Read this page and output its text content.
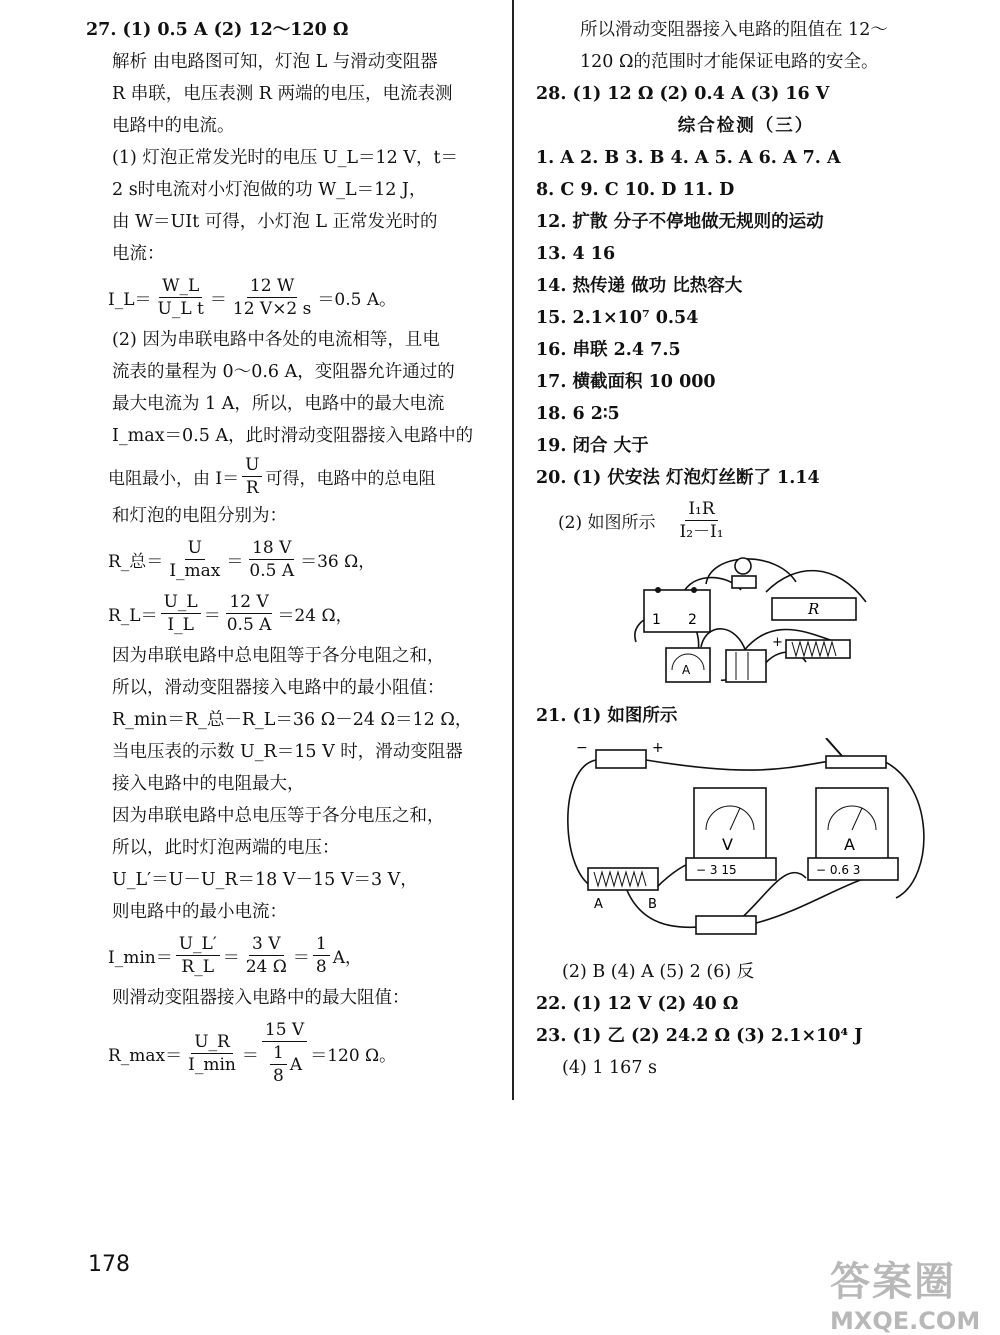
27. (1) 0.5 A (2) 12～120 Ω
解析 由电路图可知，灯泡 L 与滑动变阻器
R 串联，电压表测 R 两端的电压，电流表测
电路中的电流。
(1) 灯泡正常发光时的电压 U_L＝12 V，t＝
2 s时电流对小灯泡做的功 W_L＝12 J，
由 W＝UIt 可得，小灯泡 L 正常发光时的
电流：
I_L＝ $\frac{W\_L}{\text{U\_L t}} = \frac{12 W}{12 V\times 2 s} =0.5$ A。
(2) 因为串联电路中各处的电流相等，且电
流表的量程为 0～0.6 A，变阻器允许通过的
最大电流为 1 A，所以，电路中的最大电流
I_max＝0.5 A，此时滑动变阻器接入电路中的
电阻最小，由 $I= \frac{U}{R}$ 可得，电路中的总电阻
和灯泡的电阻分别为：
R_总＝ $\frac{U}{I\_\max} = \frac{18 V}{0.5 A} =36$ Ω，
R_L＝ $\frac{U\_L}{I\_L} = \frac{12 V}{0.5 A} =24$ Ω，
因为串联电路中总电阻等于各分电阻之和，
所以，滑动变阻器接入电路中的最小阻值：
R_min＝R_总－R_L＝36 Ω－24 Ω＝12 Ω，
当电压表的示数 U_R＝15 V 时，滑动变阻器
接入电路中的电阻最大，
因为串联电路中总电压等于各分电压之和，
所以，此时灯泡两端的电压：
U_L′＝U－U_R＝18 V－15 V＝3 V，
则电路中的最小电流：
I_min＝ $\frac{U\_L'}{R\_L} = \frac{3 V}{24 \Omega} = \frac{1}{8}$ A，
则滑动变阻器接入电路中的最大阻值：
R_max＝ $\frac{U\_R}{I\_\min} = \frac{15 V}{\frac{1}{8} A} =120$ Ω。
所以滑动变阻器接入电路的阻值在 12～
120 Ω的范围时才能保证电路的安全。
28. (1) 12 Ω (2) 0.4 A (3) 16 V
综合检测（三）
1. A 2. B 3. B 4. A 5. A 6. A 7. A
8. C 9. C 10. D 11. D
12. 扩散 分子不停地做无规则的运动
13. 4 16
14. 热传递 做功 比热容大
15. 2.1×10⁷ 0.54
16. 串联 2.4 7.5
17. 横截面积 10 000
18. 6 2∶5
19. 闭合 大于
20. (1) 伏安法 灯泡灯丝断了 1.14
(2) 如图所示 $\frac{\text{I₁R}}{\text{I₂－I₁}}$
1 2
R
A
+
21. (1) 如图所示
−	+
V
− 3 15
A
− 0.6 3
A	B
(2) B (4) A (5) 2 (6) 反
22. (1) 12 V (2) 40 Ω
23. (1) 乙 (2) 24.2 Ω (3) 2.1×10⁴ J
(4) 1 167 s
178	答案圈
MXQE.COM
